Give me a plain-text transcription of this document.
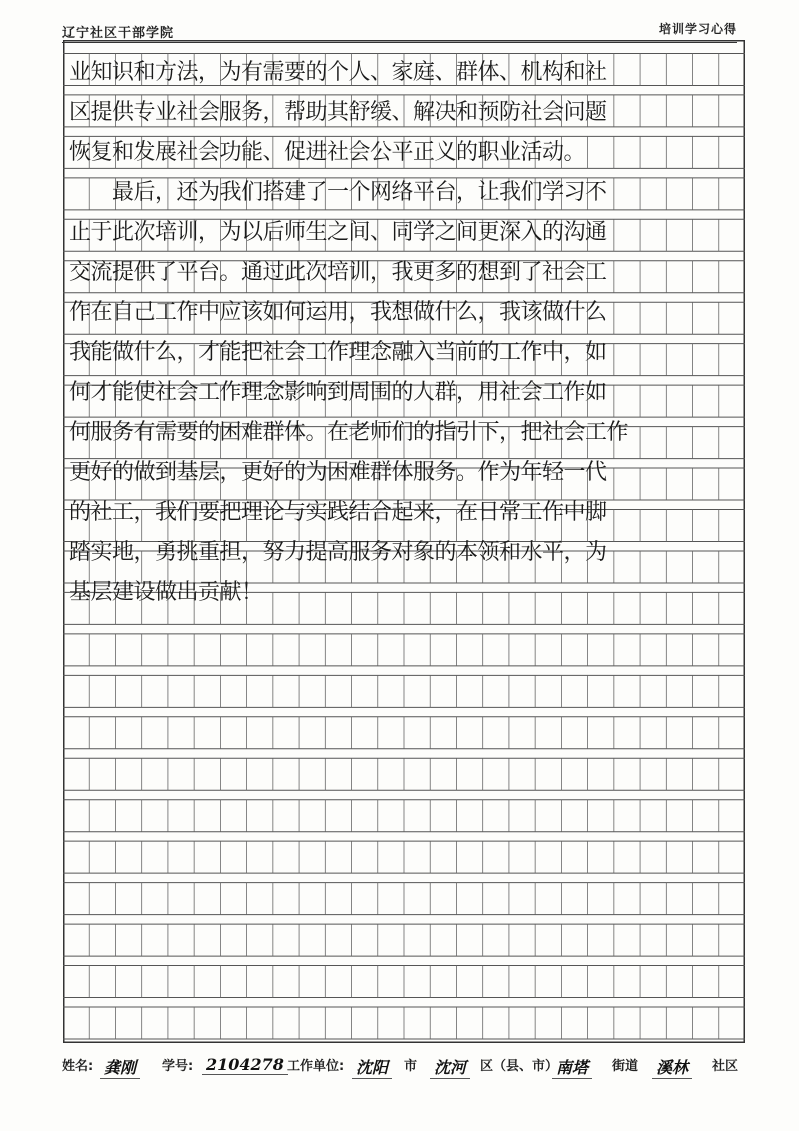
辽宁社区干部学院	培训学习心得
业知识和方法，为有需要的个人、家庭、群体、机构和社
区提供专业社会服务，帮助其舒缓、解决和预防社会问题
恢复和发展社会功能、促进社会公平正义的职业活动。
　　最后，还为我们搭建了一个网络平台，让我们学习不
止于此次培训，为以后师生之间、同学之间更深入的沟通
交流提供了平台。通过此次培训，我更多的想到了社会工
作在自己工作中应该如何运用，我想做什么，我该做什么
我能做什么，才能把社会工作理念融入当前的工作中，如
何才能使社会工作理念影响到周围的人群，用社会工作如
何服务有需要的困难群体。在老师们的指引下，把社会工作
更好的做到基层，更好的为困难群体服务。作为年轻一代
的社工，我们要把理论与实践结合起来，在日常工作中脚
踏实地，勇挑重担，努力提高服务对象的本领和水平，为
基层建设做出贡献！
姓名: 龚刚	学号: 2104278 工作单位: 沈阳	市 沈河	区（县、市）
南塔	街道 溪林	社区
